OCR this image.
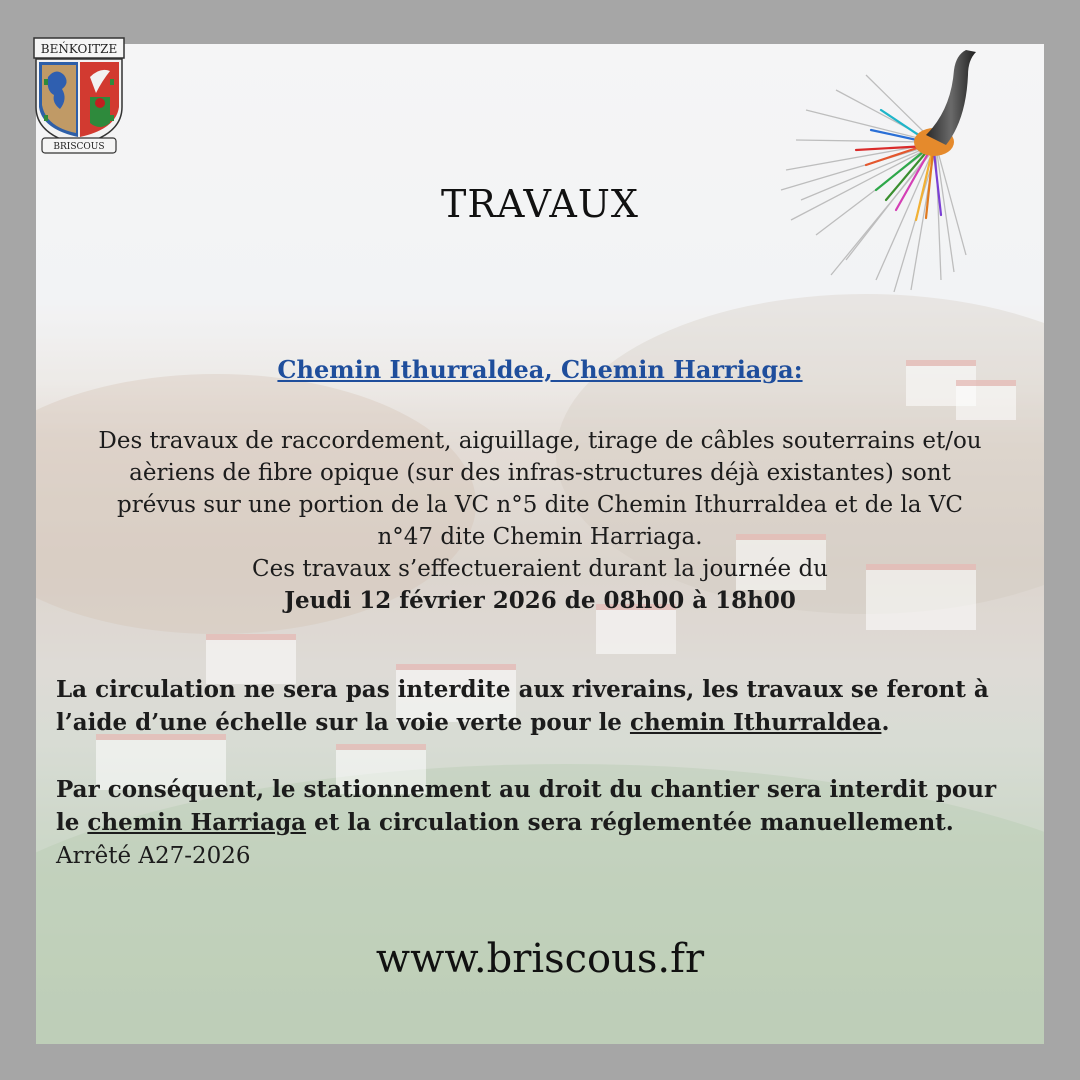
BEŃKOITZE
BRISCOUS
TRAVAUX
Chemin Ithurraldea, Chemin Harriaga:
Des travaux de raccordement, aiguillage, tirage de câbles souterrains et/ou
aèriens de fibre opique (sur des infras-structures déjà existantes) sont
prévus sur une portion de la VC n°5 dite Chemin Ithurraldea et de la VC
n°47 dite Chemin Harriaga.
Ces travaux s’effectueraient durant la journée du
Jeudi 12 février 2026 de 08h00 à 18h00
La circulation ne sera pas interdite aux riverains, les travaux se feront à l’aide d’une échelle sur la voie verte pour le chemin Ithurraldea.
Par conséquent, le stationnement au droit du chantier sera interdit pour le chemin Harriaga et la circulation sera réglementée manuellement.
Arrêté A27-2026
www.briscous.fr
